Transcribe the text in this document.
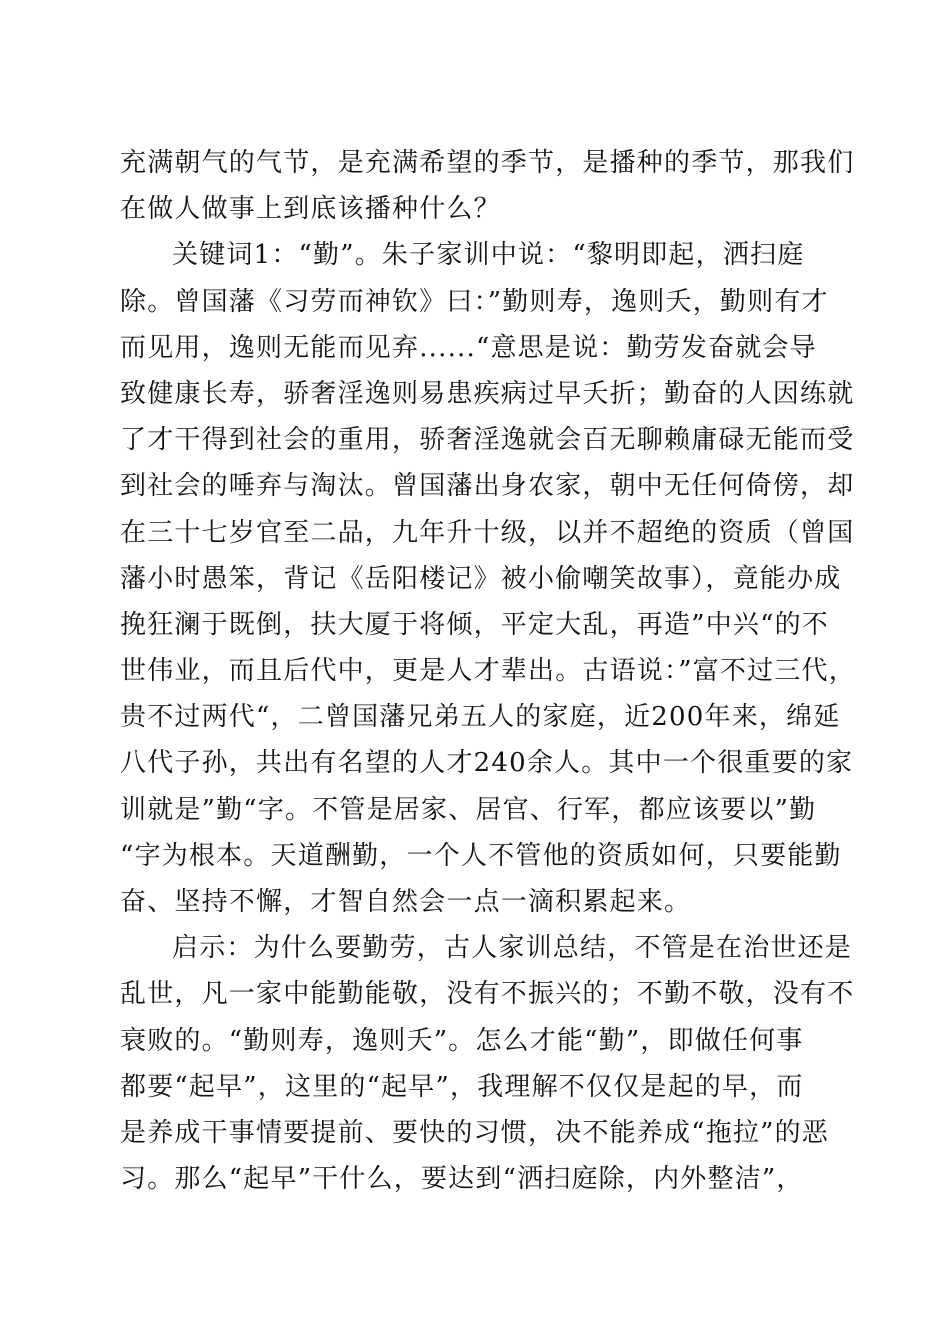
充满朝气的气节，是充满希望的季节，是播种的季节，那我们
在做人做事上到底该播种什么？
关键词1：“勤”。朱子家训中说：“黎明即起，洒扫庭
除。曾国藩《习劳而神钦》曰：”勤则寿，逸则夭，勤则有才
而见用，逸则无能而见弃......“意思是说：勤劳发奋就会导
致健康长寿，骄奢淫逸则易患疾病过早夭折；勤奋的人因练就
了才干得到社会的重用，骄奢淫逸就会百无聊赖庸碌无能而受
到社会的唾弃与淘汰。曾国藩出身农家，朝中无任何倚傍，却
在三十七岁官至二品，九年升十级，以并不超绝的资质（曾国
藩小时愚笨，背记《岳阳楼记》被小偷嘲笑故事），竟能办成
挽狂澜于既倒，扶大厦于将倾，平定大乱，再造”中兴“的不
世伟业，而且后代中，更是人才辈出。古语说：”富不过三代，
贵不过两代“，二曾国藩兄弟五人的家庭，近200年来，绵延
八代子孙，共出有名望的人才240余人。其中一个很重要的家
训就是”勤“字。不管是居家、居官、行军，都应该要以”勤
“字为根本。天道酬勤，一个人不管他的资质如何，只要能勤
奋、坚持不懈，才智自然会一点一滴积累起来。
启示：为什么要勤劳，古人家训总结，不管是在治世还是
乱世，凡一家中能勤能敬，没有不振兴的；不勤不敬，没有不
衰败的。“勤则寿，逸则夭”。怎么才能“勤”，即做任何事
都要“起早”，这里的“起早”，我理解不仅仅是起的早，而
是养成干事情要提前、要快的习惯，决不能养成“拖拉”的恶
习。那么“起早”干什么，要达到“洒扫庭除，内外整洁”，
